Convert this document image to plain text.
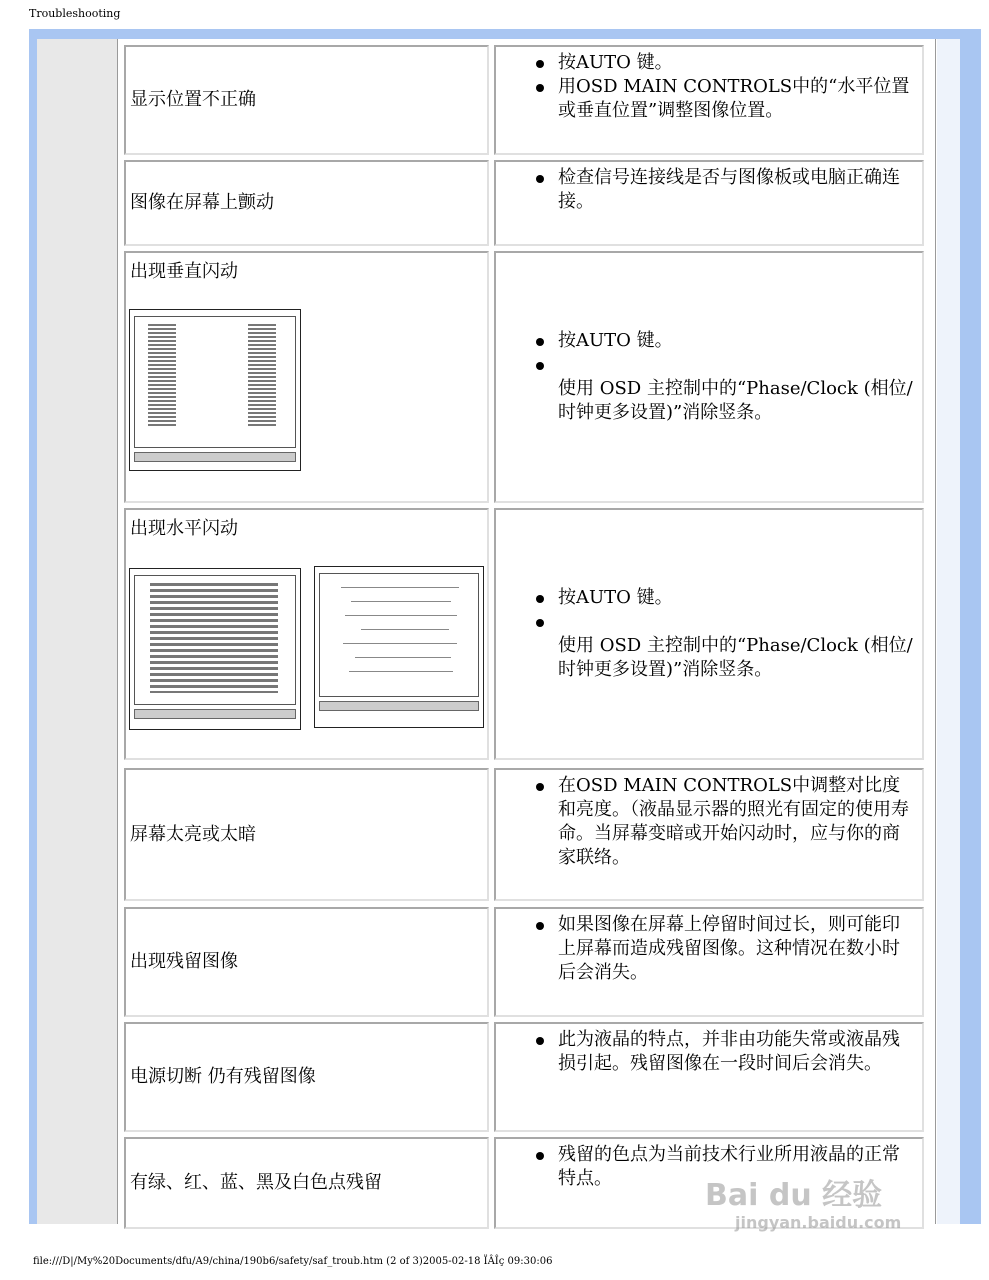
Troubleshooting
显示位置不正确
按AUTO 键。
用OSD MAIN CONTROLS中的“水平位置或垂直位置”调整图像位置。
图像在屏幕上颤动
检查信号连接线是否与图像板或电脑正确连接。
出现垂直闪动
按AUTO 键。
使用 OSD 主控制中的“Phase/Clock (相位/时钟更多设置)”消除竖条。
出现水平闪动
按AUTO 键。
使用 OSD 主控制中的“Phase/Clock (相位/时钟更多设置)”消除竖条。
屏幕太亮或太暗
在OSD MAIN CONTROLS中调整对比度和亮度。（液晶显示器的照光有固定的使用寿命。当屏幕变暗或开始闪动时，应与你的商家联络。
出现残留图像
如果图像在屏幕上停留时间过长，则可能印上屏幕而造成残留图像。这种情况在数小时后会消失。
电源切断 仍有残留图像
此为液晶的特点，并非由功能失常或液晶残损引起。残留图像在一段时间后会消失。
有绿、红、蓝、黑及白色点残留
残留的色点为当前技术行业所用液晶的正常特点。	Bai du 经验
jingyan.baidu.com
file:///D|/My%20Documents/dfu/A9/china/190b6/safety/saf_troub.htm (2 of 3)2005-02-18 ÏÂÎç 09:30:06
